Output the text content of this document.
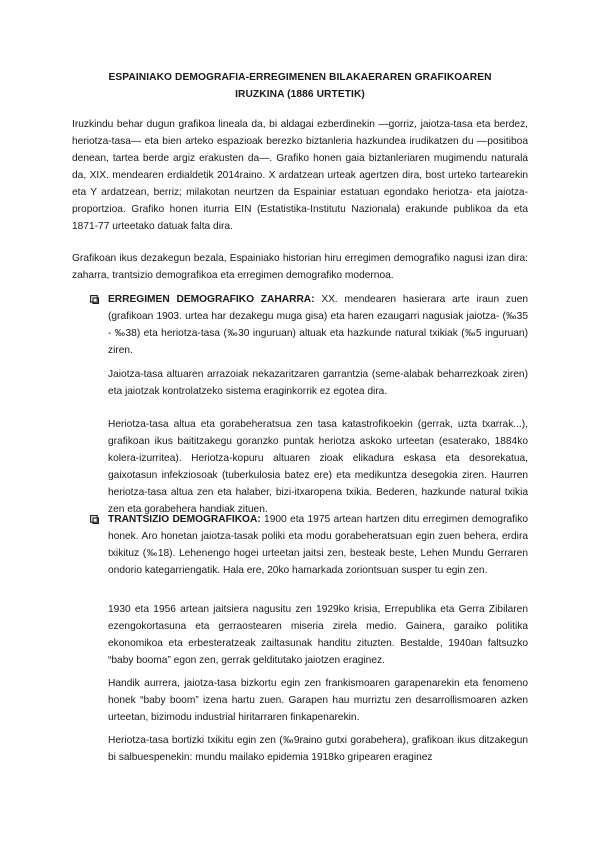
ESPAINIAKO DEMOGRAFIA-ERREGIMENEN BILAKAERAREN GRAFIKOAREN
IRUZKINA (1886 URTETIK)

Iruzkindu behar dugun grafikoa lineala da, bi aldagai ezberdinekin —gorriz, jaiotza-tasa eta berdez, heriotza-tasa— eta bien arteko espazioak berezko biztanleria hazkundea irudikatzen du —positiboa denean, tartea berde argiz erakusten da—. Grafiko honen gaia biztanleriaren mugimendu naturala da, XIX. mendearen erdialdetik 2014raino. X ardatzean urteak agertzen dira, bost urteko tartearekin eta Y ardatzean, berriz; milakotan neurtzen da Espainiar estatuan egondako heriotza- eta jaiotza-proportzioa. Grafiko honen iturria EIN (Estatistika-Institutu Nazionala) erakunde publikoa da eta 1871-77 urteetako datuak falta dira.

Grafikoan ikus dezakegun bezala, Espainiako historian hiru erregimen demografiko nagusi izan dira: zaharra, trantsizio demografikoa eta erregimen demografiko modernoa.

ERREGIMEN DEMOGRAFIKO ZAHARRA: XX. mendearen hasierara arte iraun zuen (grafikoan 1903. urtea har dezakegu muga gisa) eta haren ezaugarri nagusiak jaiotza- (‰35 - ‰38) eta heriotza-tasa (‰30 inguruan) altuak eta hazkunde natural txikiak (‰5 inguruan) ziren.

Jaiotza-tasa altuaren arrazoiak nekazaritzaren garrantzia (seme-alabak beharrezkoak ziren) eta jaiotzak kontrolatzeko sistema eraginkorrik ez egotea dira.

Heriotza-tasa altua eta gorabeheratsua zen tasa katastrofikoekin (gerrak, uzta txarrak...), grafikoan ikus baititzakegu goranzko puntak heriotza askoko urteetan (esaterako, 1884ko kolera-izurritea). Heriotza-kopuru altuaren zioak elikadura eskasa eta desorekatua, gaixotasun infekziosoak (tuberkulosia batez ere) eta medikuntza desegokia ziren. Haurren heriotza-tasa altua zen eta halaber, bizi-itxaropena txikia. Bederen, hazkunde natural txikia zen eta gorabehera handiak zituen.

TRANTSIZIO DEMOGRAFIKOA: 1900 eta 1975 artean hartzen ditu erregimen demografiko honek. Aro honetan jaiotza-tasak poliki eta modu gorabeheratsuan egin zuen behera, erdira txikituz (‰18). Lehenengo hogei urteetan jaitsi zen, besteak beste, Lehen Mundu Gerraren ondorio kategarriengatik. Hala ere, 20ko hamarkada zoriontsuan susper tu egin zen.

1930 eta 1956 artean jaitsiera nagusitu zen 1929ko krisia, Errepublika eta Gerra Zibilaren ezengokortasuna eta gerraostearen miseria zirela medio. Gainera, garaiko politika ekonomikoa eta erbesteratzeak zailtasunak handitu zituzten. Bestalde, 1940an faltsuzko “baby booma” egon zen, gerrak gelditutako jaiotzen eraginez.

Handik aurrera, jaiotza-tasa bizkortu egin zen frankismoaren garapenarekin eta fenomeno honek “baby boom” izena hartu zuen. Garapen hau murriztu zen desarrollismoaren azken urteetan, bizimodu industrial hiritarraren finkapenarekin.

Heriotza-tasa bortizki txikitu egin zen (‰9raino gutxi gorabehera), grafikoan ikus ditzakegun bi salbuespenekin: mundu mailako epidemia 1918ko gripearen eraginez
